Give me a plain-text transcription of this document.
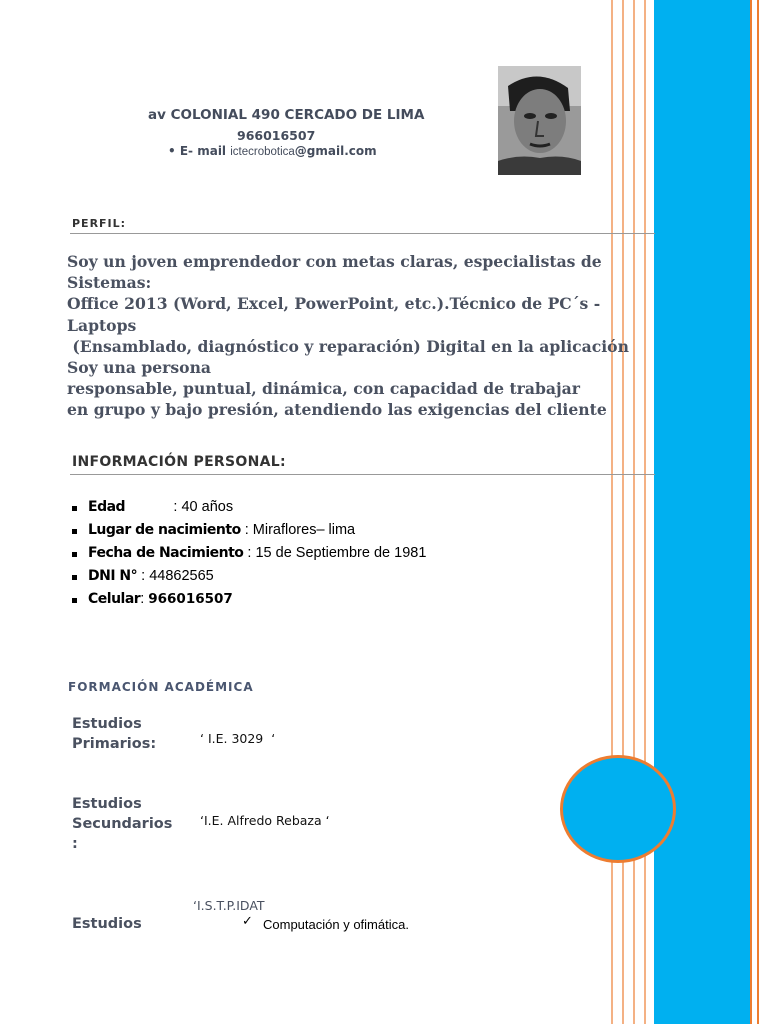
av COLONIAL 490 CERCADO DE LIMA
966016507
• E- mail ictecrobotica@gmail.com
PERFIL:
Soy un joven emprendedor con metas claras, especialistas de
Sistemas:
Office 2013 (Word, Excel, PowerPoint, etc.).Técnico de PC´s -
Laptops
(Ensamblado, diagnóstico y reparación) Digital en la aplicación
Soy una persona
responsable, puntual, dinámica, con capacidad de trabajar
en grupo y bajo presión, atendiendo las exigencias del cliente
INFORMACIÓN PERSONAL:
Edad            : 40 años
Lugar de nacimiento : Miraflores– lima
Fecha de Nacimiento : 15 de Septiembre de 1981
DNI N° : 44862565
Celular: 966016507
FORMACIÓN ACADÉMICA
Estudios
Primarios:	‘ I.E. 3029  ‘
Estudios
Secundarios
:
‘I.E. Alfredo Rebaza ‘
‘I.S.T.P.IDAT
Estudios	✓ Computación y ofimática.
